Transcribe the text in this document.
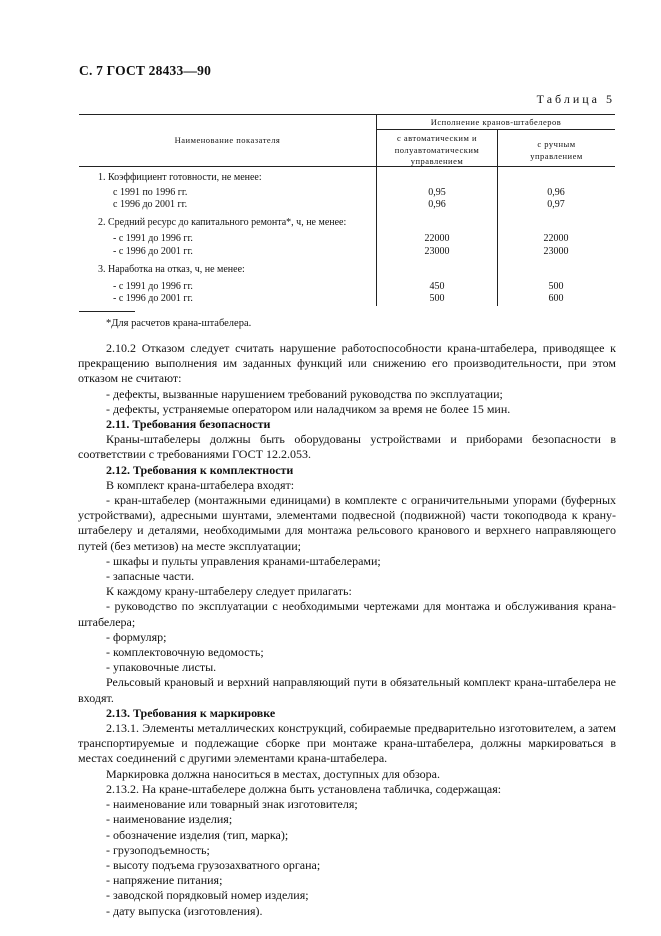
С. 7 ГОСТ 28433—90
Таблица 5
Наименование показателя
Исполнение кранов-штабелеров
с автоматическим и
полуавтоматическим
управлением
с ручным
управлением
1. Коэффициент готовности, не менее:
с 1991 по 1996 гг.	0,95	0,96
с 1996 до 2001 гг.	0,96	0,97
2. Средний ресурс до капитального ремонта*, ч, не менее:
- с 1991 до 1996 гг.	22000	22000
- с 1996 до 2001 гг.	23000	23000
3. Наработка на отказ, ч, не менее:
- с 1991 до 1996 гг.	450	500
- с 1996 до 2001 гг.	500	600
*Для расчетов крана-штабелера.

2.10.2 Отказом следует считать нарушение работоспособности крана-штабелера, приводящее к прекращению выполнения им заданных функций или снижению его производительности, при этом отказом не считают:

- дефекты, вызванные нарушением требований руководства по эксплуатации;

- дефекты, устраняемые оператором или наладчиком за время не более 15 мин.

2.11. Требования безопасности

Краны-штабелеры должны быть оборудованы устройствами и приборами безопасности в соответствии с требованиями ГОСТ 12.2.053.

2.12. Требования к комплектности

В комплект крана-штабелера входят:

- кран-штабелер (монтажными единицами) в комплекте с ограничительными упорами (буферных устройствами), адресными шунтами, элементами подвесной (подвижной) части токоподвода к крану-штабелеру и деталями, необходимыми для монтажа рельсового кранового и верхнего направляющего путей (без метизов) на месте эксплуатации;

- шкафы и пульты управления кранами-штабелерами;

- запасные части.

К каждому крану-штабелеру следует прилагать:

- руководство по эксплуатации с необходимыми чертежами для монтажа и обслуживания крана-штабелера;

- формуляр;

- комплектовочную ведомость;

- упаковочные листы.

Рельсовый крановый и верхний направляющий пути в обязательный комплект крана-штабелера не входят.

2.13. Требования к маркировке

2.13.1. Элементы металлических конструкций, собираемые предварительно изготовителем, а затем транспортируемые и подлежащие сборке при монтаже крана-штабелера, должны маркироваться в местах соединений с другими элементами крана-штабелера.

Маркировка должна наноситься в местах, доступных для обзора.

2.13.2. На кране-штабелере должна быть установлена табличка, содержащая:

- наименование или товарный знак изготовителя;

- наименование изделия;

- обозначение изделия (тип, марка);

- грузоподъемность;

- высоту подъема грузозахватного органа;

- напряжение питания;

- заводской порядковый номер изделия;

- дату выпуска (изготовления).
